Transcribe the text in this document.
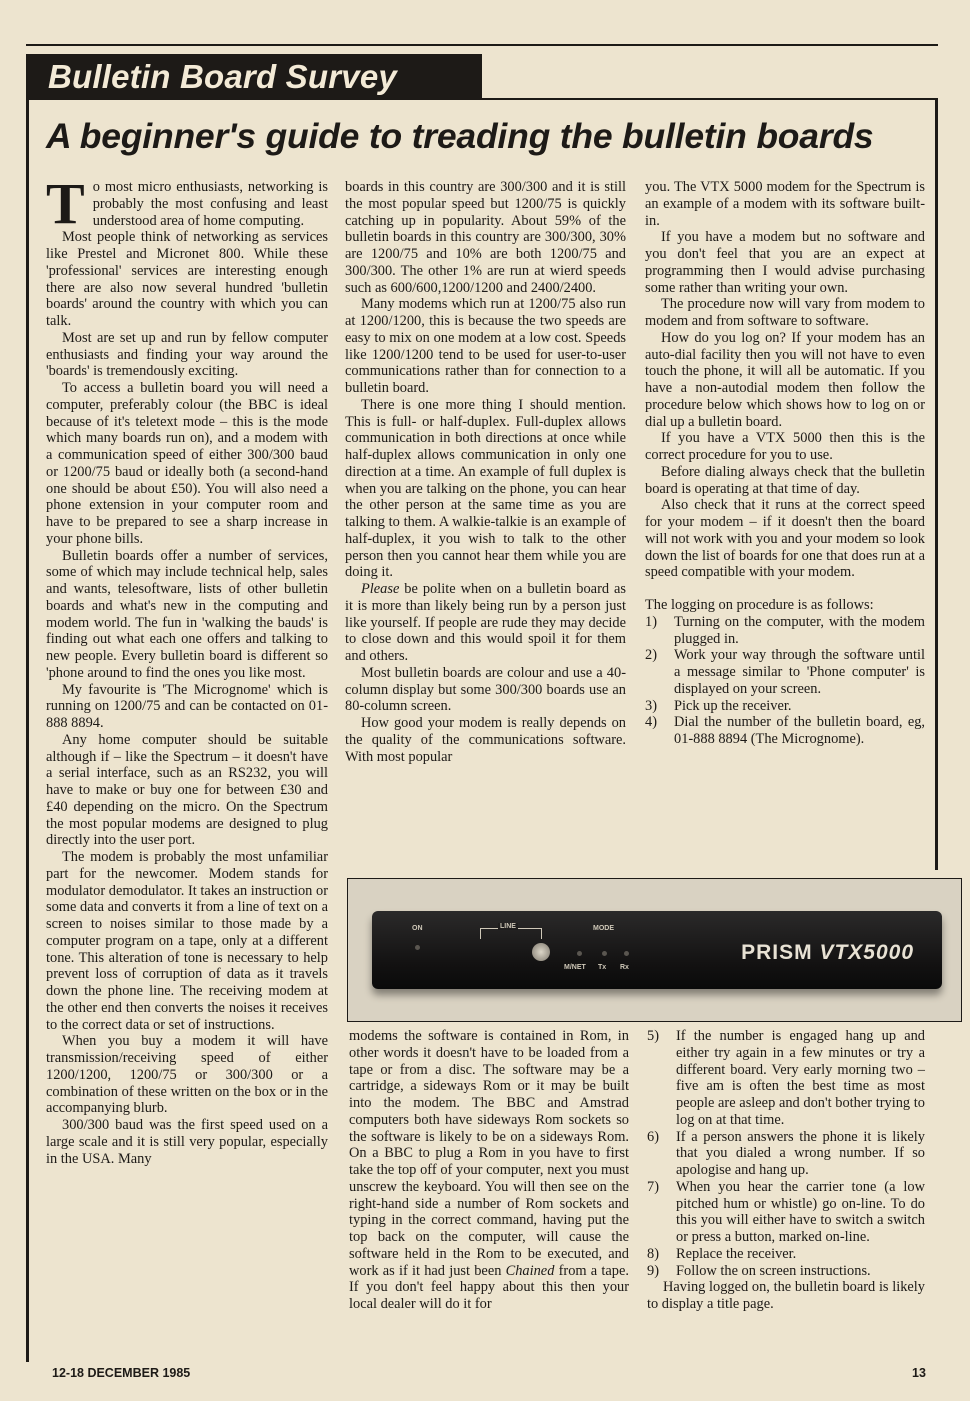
Bulletin Board Survey
A beginner's guide to treading the bulletin boards

To most micro enthusiasts, networking is probably the most confusing and least understood area of home computing.

Most people think of networking as services like Prestel and Micronet 800. While these 'professional' services are interesting enough there are also now several hundred 'bulletin boards' around the country with which you can talk.

Most are set up and run by fellow computer enthusiasts and finding your way around the 'boards' is tremendously exciting.

To access a bulletin board you will need a computer, preferably colour (the BBC is ideal because of it's teletext mode – this is the mode which many boards run on), and a modem with a communication speed of either 300/300 baud or 1200/75 baud or ideally both (a second-hand one should be about £50). You will also need a phone extension in your computer room and have to be prepared to see a sharp increase in your phone bills.

Bulletin boards offer a number of services, some of which may include technical help, sales and wants, telesoftware, lists of other bulletin boards and what's new in the computing and modem world. The fun in 'walking the bauds' is finding out what each one offers and talking to new people. Every bulletin board is different so 'phone around to find the ones you like most.

My favourite is 'The Micrognome' which is running on 1200/75 and can be contacted on 01-888 8894.

Any home computer should be suitable although if – like the Spectrum – it doesn't have a serial interface, such as an RS232, you will have to make or buy one for between £30 and £40 depending on the micro. On the Spectrum the most popular modems are designed to plug directly into the user port.

The modem is probably the most unfamiliar part for the newcomer. Modem stands for modulator demodulator. It takes an instruction or some data and converts it from a line of text on a screen to noises similar to those made by a computer program on a tape, only at a different tone. This alteration of tone is necessary to help prevent loss of corruption of data as it travels down the phone line. The receiving modem at the other end then converts the noises it receives to the correct data or set of instructions.

When you buy a modem it will have transmission/receiving speed of either 1200/1200, 1200/75 or 300/300 or a combination of these written on the box or in the accompanying blurb.

300/300 baud was the first speed used on a large scale and it is still very popular, especially in the USA. Many

boards in this country are 300/300 and it is still the most popular speed but 1200/75 is quickly catching up in popularity. About 59% of the bulletin boards in this country are 300/300, 30% are 1200/75 and 10% are both 1200/75 and 300/300. The other 1% are run at wierd speeds such as 600/600,1200/1200 and 2400/2400.

Many modems which run at 1200/75 also run at 1200/1200, this is because the two speeds are easy to mix on one modem at a low cost. Speeds like 1200/1200 tend to be used for user-to-user communications rather than for connection to a bulletin board.

There is one more thing I should mention. This is full- or half-duplex. Full-duplex allows communication in both directions at once while half-duplex allows communication in only one direction at a time. An example of full duplex is when you are talking on the phone, you can hear the other person at the same time as you are talking to them. A walkie-talkie is an example of half-duplex, it you wish to talk to the other person then you cannot hear them while you are doing it.

Please be polite when on a bulletin board as it is more than likely being run by a person just like yourself. If people are rude they may decide to close down and this would spoil it for them and others.

Most bulletin boards are colour and use a 40-column display but some 300/300 boards use an 80-column screen.

How good your modem is really depends on the quality of the communications software. With most popular

you. The VTX 5000 modem for the Spectrum is an example of a modem with its software built-in.

If you have a modem but no software and you don't feel that you are an expect at programming then I would advise purchasing some rather than writing your own.

The procedure now will vary from modem to modem and from software to software.

How do you log on? If your modem has an auto-dial facility then you will not have to even touch the phone, it will all be automatic. If you have a non-autodial modem then follow the procedure below which shows how to log on or dial up a bulletin board.

If you have a VTX 5000 then this is the correct procedure for you to use.

Before dialing always check that the bulletin board is operating at that time of day.

Also check that it runs at the correct speed for your modem – if it doesn't then the board will not work with you and your modem so look down the list of boards for one that does run at a speed compatible with your modem.

The logging on procedure is as follows:

1)	Turning on the computer, with the modem plugged in.
2)	Work your way through the software until a message similar to 'Phone computer' is displayed on your screen.
3)	Pick up the receiver.
4)	Dial the number of the bulletin board, eg, 01-888 8894 (The Micrognome).
ON	LINE	MODE
M/NET Tx Rx
PRISM VTX5000

modems the software is contained in Rom, in other words it doesn't have to be loaded from a tape or from a disc. The software may be a cartridge, a sideways Rom or it may be built into the modem. The BBC and Amstrad computers both have sideways Rom sockets so the software is likely to be on a sideways Rom. On a BBC to plug a Rom in you have to first take the top off of your computer, next you must unscrew the keyboard. You will then see on the right-hand side a number of Rom sockets and typing in the correct command, having put the top back on the computer, will cause the software held in the Rom to be executed, and work as if it had just been Chained from a tape. If you don't feel happy about this then your local dealer will do it for

5)	If the number is engaged hang up and either try again in a few minutes or try a different board. Very early morning two – five am is often the best time as most people are asleep and don't bother trying to log on at that time.
6)	If a person answers the phone it is likely that you dialed a wrong number. If so apologise and hang up.
7)	When you hear the carrier tone (a low pitched hum or whistle) go on-line. To do this you will either have to switch a switch or press a button, marked on-line.
8)	Replace the receiver.
9)	Follow the on screen instructions.

Having logged on, the bulletin board is likely to display a title page.

12-18 DECEMBER 1985	13
